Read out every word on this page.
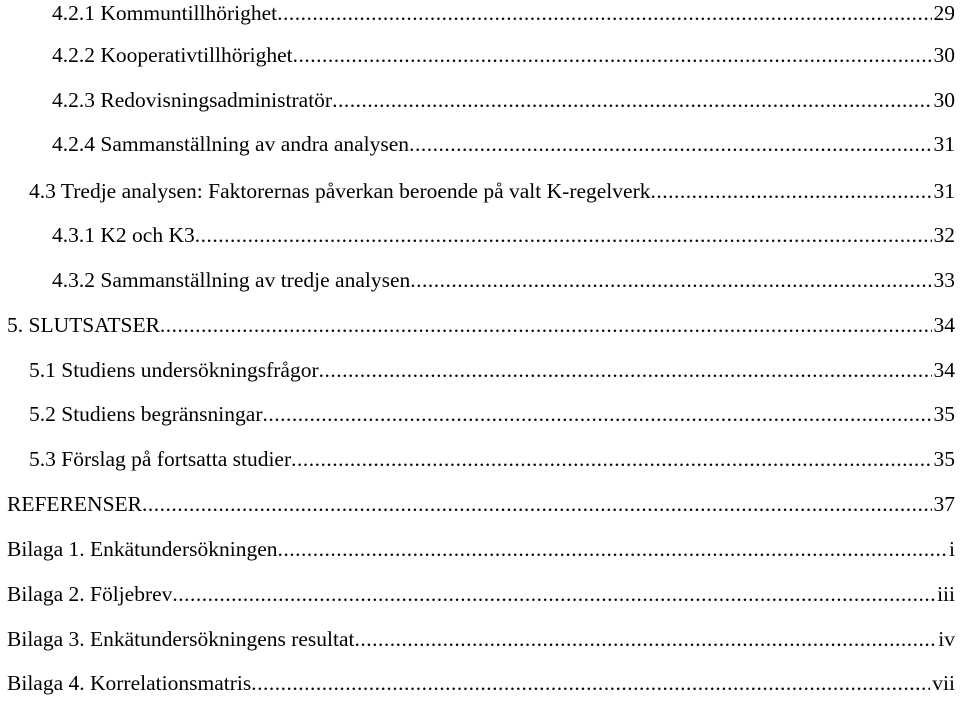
4.2.1 Kommuntillhörighet .....	29
4.2.2 Kooperativtillhörighet .....	30
4.2.3 Redovisningsadministratör .....	30
4.2.4 Sammanställning av andra analysen .....	31
4.3 Tredje analysen: Faktorernas påverkan beroende på valt K-regelverk .....	31
4.3.1 K2 och K3 .....	32
4.3.2 Sammanställning av tredje analysen .....	33
5. SLUTSATSER .....	34
5.1 Studiens undersökningsfrågor .....	34
5.2 Studiens begränsningar .....	35
5.3 Förslag på fortsatta studier .....	35
REFERENSER .....	37
Bilaga 1. Enkätundersökningen .....	i
Bilaga 2. Följebrev .....	iii
Bilaga 3. Enkätundersökningens resultat .....	iv
Bilaga 4. Korrelationsmatris .....	vii
